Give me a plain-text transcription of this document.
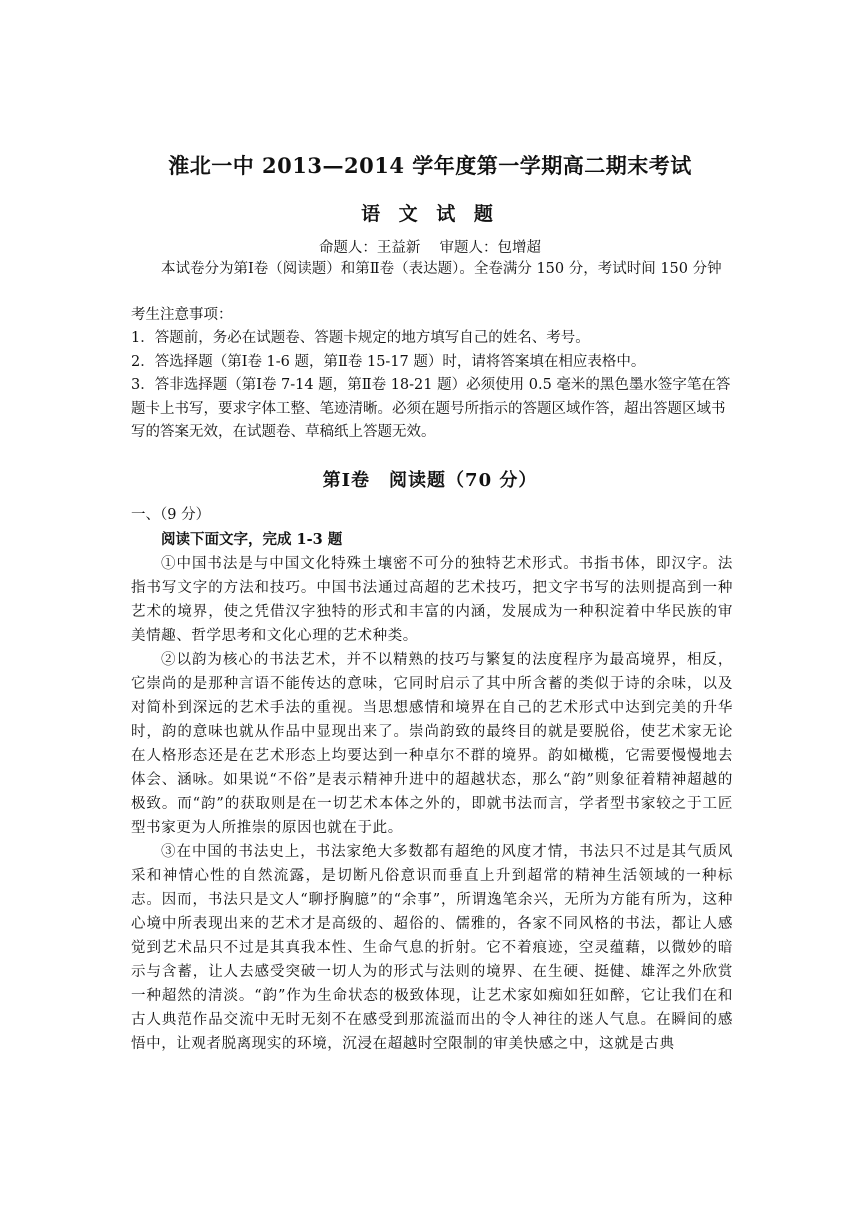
淮北一中 2013—2014 学年度第一学期高二期末考试
语 文 试 题
命题人：王益新　 审题人：包增超
本试卷分为第Ⅰ卷（阅读题）和第Ⅱ卷（表达题）。全卷满分 150 分，考试时间 150 分钟
考生注意事项：

1．答题前，务必在试题卷、答题卡规定的地方填写自己的姓名、考号。

2．答选择题（第Ⅰ卷 1-6 题，第Ⅱ卷 15-17 题）时，请将答案填在相应表格中。

3．答非选择题（第Ⅰ卷 7-14 题，第Ⅱ卷 18-21 题）必须使用 0.5 毫米的黑色墨水签字笔在答题卡上书写，要求字体工整、笔迹清晰。必须在题号所指示的答题区域作答，超出答题区域书写的答案无效，在试题卷、草稿纸上答题无效。

第Ⅰ卷　阅读题（70 分）
一、（9 分）
阅读下面文字，完成 1-3 题

①中国书法是与中国文化特殊土壤密不可分的独特艺术形式。书指书体，即汉字。法指书写文字的方法和技巧。中国书法通过高超的艺术技巧，把文字书写的法则提高到一种艺术的境界，使之凭借汉字独特的形式和丰富的内涵，发展成为一种积淀着中华民族的审美情趣、哲学思考和文化心理的艺术种类。

②以韵为核心的书法艺术，并不以精熟的技巧与繁复的法度程序为最高境界，相反，它崇尚的是那种言语不能传达的意味，它同时启示了其中所含蓄的类似于诗的余味，以及对简朴到深远的艺术手法的重视。当思想感情和境界在自己的艺术形式中达到完美的升华时，韵的意味也就从作品中显现出来了。崇尚韵致的最终目的就是要脱俗，使艺术家无论在人格形态还是在艺术形态上均要达到一种卓尔不群的境界。韵如橄榄，它需要慢慢地去体会、涵咏。如果说“不俗”是表示精神升进中的超越状态，那么“韵”则象征着精神超越的极致。而“韵”的获取则是在一切艺术本体之外的，即就书法而言，学者型书家较之于工匠型书家更为人所推崇的原因也就在于此。

③在中国的书法史上，书法家绝大多数都有超绝的风度才情，书法只不过是其气质风采和神情心性的自然流露，是切断凡俗意识而垂直上升到超常的精神生活领域的一种标志。因而，书法只是文人“聊抒胸臆”的“余事”，所谓逸笔余兴，无所为方能有所为，这种心境中所表现出来的艺术才是高级的、超俗的、儒雅的，各家不同风格的书法，都让人感觉到艺术品只不过是其真我本性、生命气息的折射。它不着痕迹，空灵蕴藉，以微妙的暗示与含蓄，让人去感受突破一切人为的形式与法则的境界、在生硬、挺健、雄浑之外欣赏一种超然的清淡。“韵”作为生命状态的极致体现，让艺术家如痴如狂如醉，它让我们在和古人典范作品交流中无时无刻不在感受到那流溢而出的令人神往的迷人气息。在瞬间的感悟中，让观者脱离现实的环境，沉浸在超越时空限制的审美快感之中，这就是古典
